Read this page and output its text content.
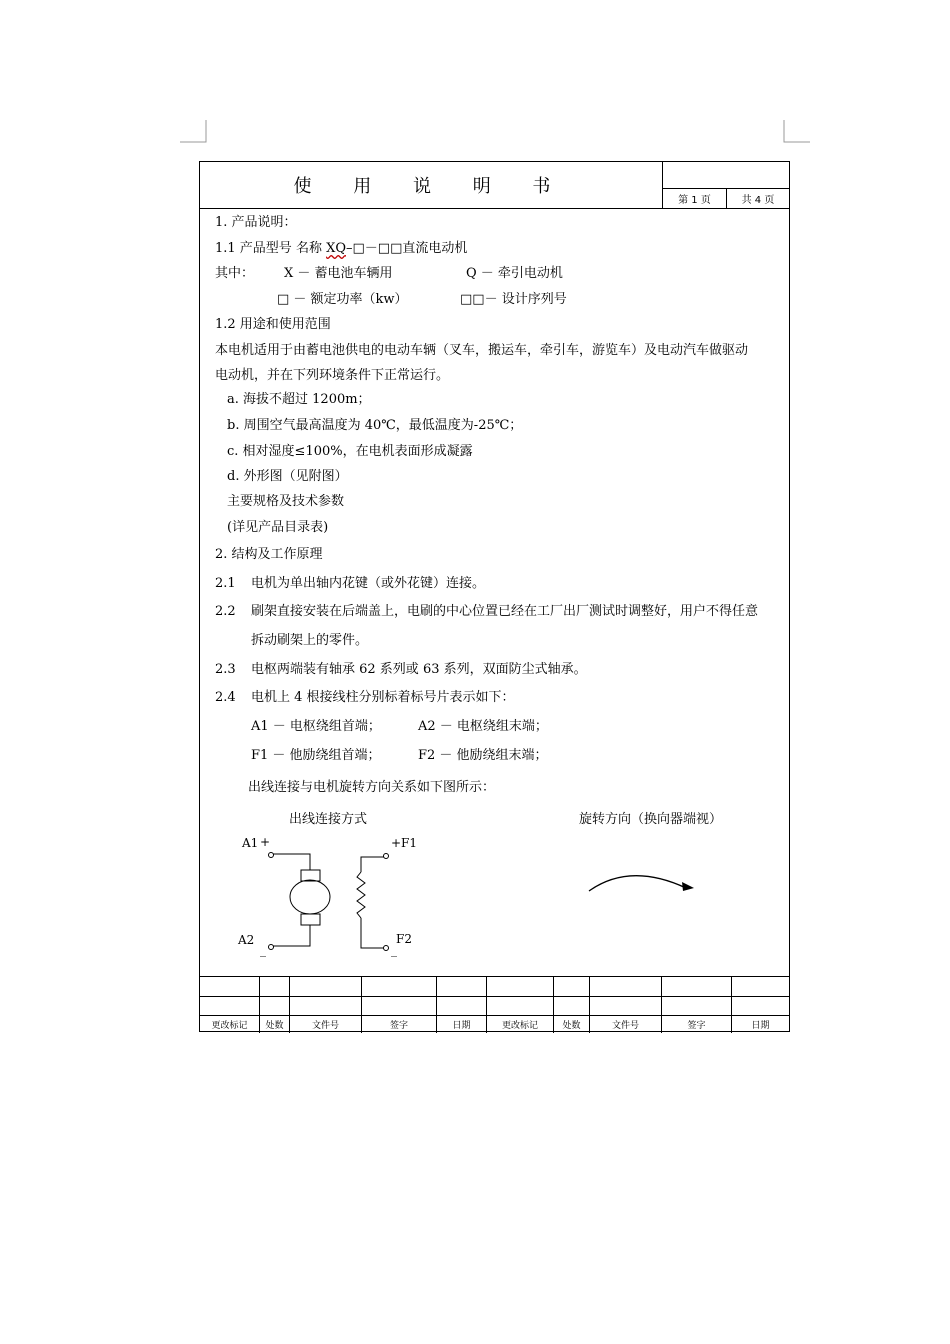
使 用 说 明 书
第 1 页	共 4 页
1. 产品说明：
1.1 产品型号 名称 XQ–□－□□直流电动机
其中： X － 蓄电池车辆用	Q － 牵引电动机
□ － 额定功率（kw）	□□－ 设计序列号
1.2 用途和使用范围
本电机适用于由蓄电池供电的电动车辆（叉车，搬运车，牵引车，游览车）及电动汽车做驱动
电动机，并在下列环境条件下正常运行。
a. 海拔不超过 1200m；
b. 周围空气最高温度为 40℃，最低温度为-25℃；
c. 相对湿度≤100%，在电机表面形成凝露
d. 外形图（见附图）
主要规格及技术参数
(详见产品目录表)
2. 结构及工作原理
2.1 电机为单出轴内花键（或外花键）连接。
2.2 刷架直接安装在后端盖上，电刷的中心位置已经在工厂出厂测试时调整好，用户不得任意
拆动刷架上的零件。
2.3 电枢两端装有轴承 62 系列或 63 系列，双面防尘式轴承。
2.4 电机上 4 根接线柱分别标着标号片表示如下：
A1 － 电枢绕组首端；	A2 － 电枢绕组末端；
F1 － 他励绕组首端；	F2 － 他励绕组末端；
出线连接与电机旋转方向关系如下图所示：
出线连接方式	旋转方向（换向器端视）
A1 +
A2
_
+ F1
F2
_
更改标记	处数	文件号	签字	日期	更改标记	处数	文件号	签字	日期
